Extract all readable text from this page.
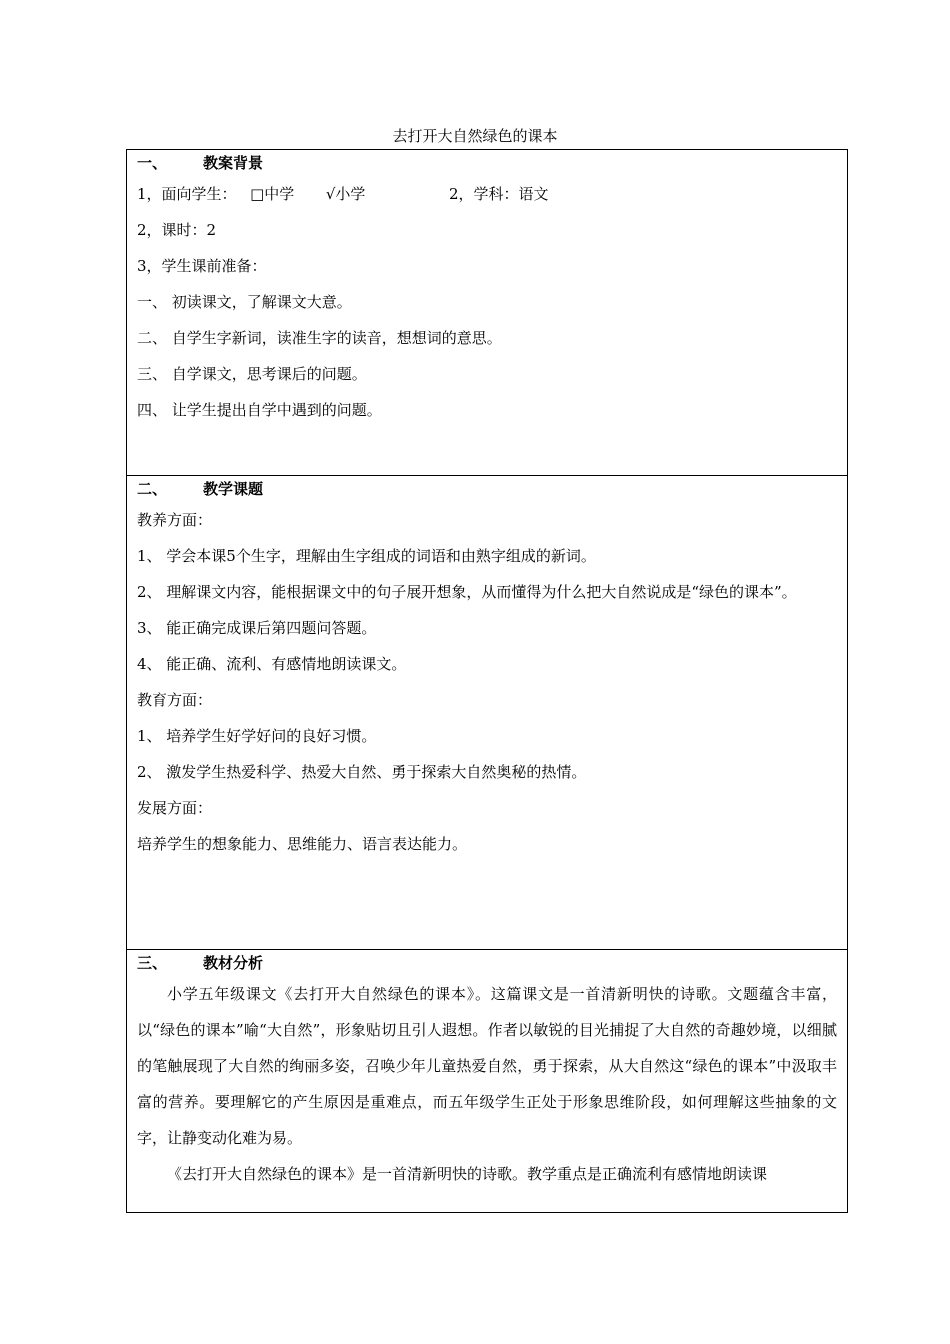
去打开大自然绿色的课本
一、 教案背景
1，面向学生： □中学 √小学	2，学科：语文
2，课时：2
3，学生课前准备：
一、 初读课文，了解课文大意。
二、 自学生字新词，读准生字的读音，想想词的意思。
三、 自学课文，思考课后的问题。
四、 让学生提出自学中遇到的问题。
二、 教学课题
教养方面：
1、 学会本课5个生字，理解由生字组成的词语和由熟字组成的新词。

2、 理解课文内容，能根据课文中的句子展开想象，从而懂得为什么把大自然说成是“绿色的课本”。

3、 能正确完成课后第四题问答题。
4、 能正确、流利、有感情地朗读课文。
教育方面：
1、 培养学生好学好问的良好习惯。
2、 激发学生热爱科学、热爱大自然、勇于探索大自然奥秘的热情。
发展方面：
培养学生的想象能力、思维能力、语言表达能力。
三、 教材分析

小学五年级课文《去打开大自然绿色的课本》。这篇课文是一首清新明快的诗歌。文题蕴含丰富，以“绿色的课本”喻“大自然”，形象贴切且引人遐想。作者以敏锐的目光捕捉了大自然的奇趣妙境，以细腻的笔触展现了大自然的绚丽多姿，召唤少年儿童热爱自然，勇于探索，从大自然这“绿色的课本”中汲取丰富的营养。要理解它的产生原因是重难点，而五年级学生正处于形象思维阶段，如何理解这些抽象的文字，让静变动化难为易。

《去打开大自然绿色的课本》是一首清新明快的诗歌。教学重点是正确流利有感情地朗读课
